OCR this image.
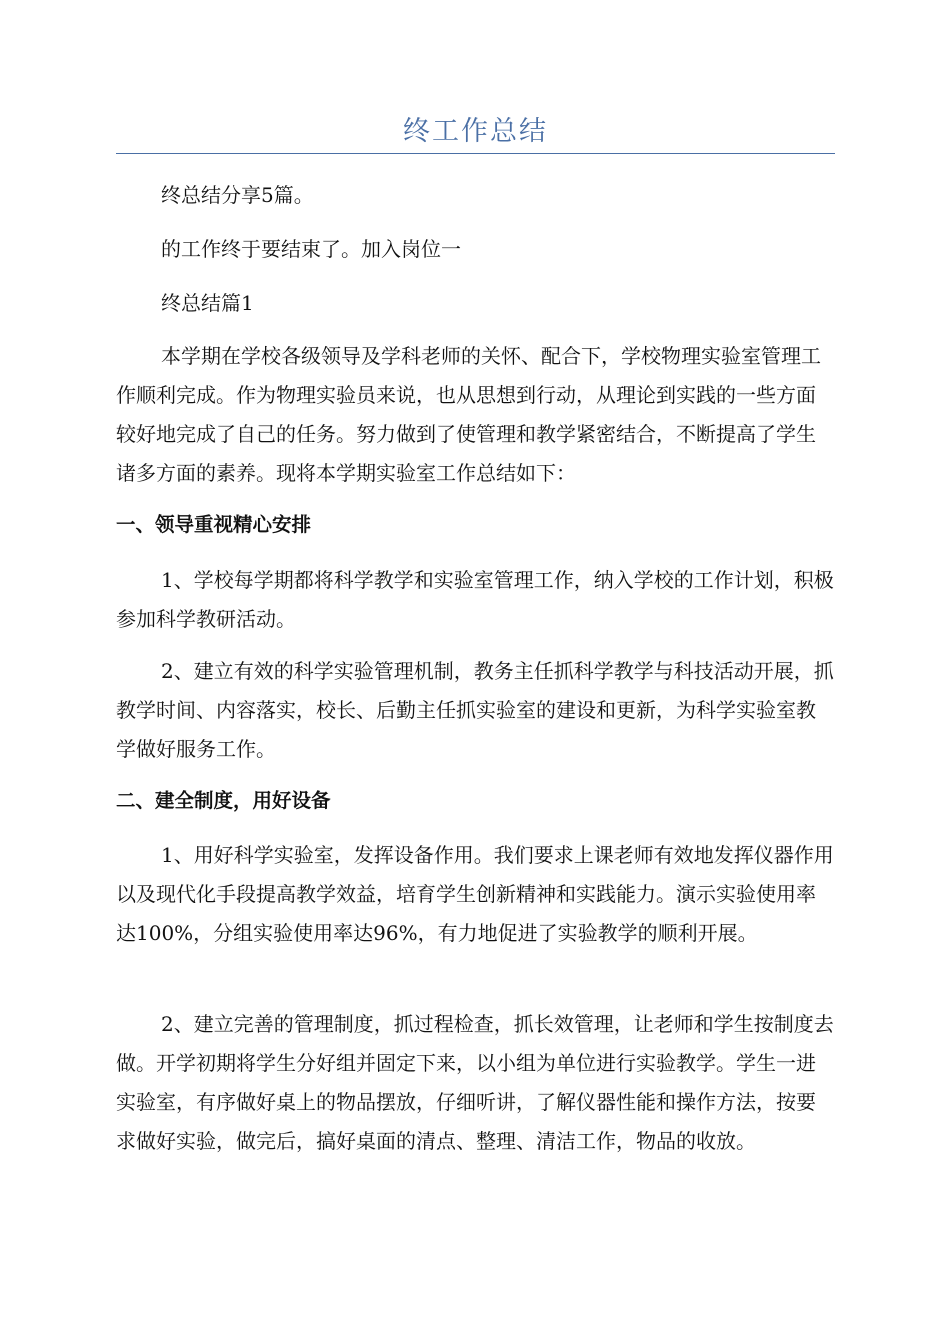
终工作总结

终总结分享5篇。

的工作终于要结束了。加入岗位一

终总结篇1

本学期在学校各级领导及学科老师的关怀、配合下，学校物理实验室管理工作顺利完成。作为物理实验员来说，也从思想到行动，从理论到实践的一些方面较好地完成了自己的任务。努力做到了使管理和教学紧密结合，不断提高了学生诸多方面的素养。现将本学期实验室工作总结如下：

一、领导重视精心安排

1、学校每学期都将科学教学和实验室管理工作，纳入学校的工作计划，积极参加科学教研活动。

2、建立有效的科学实验管理机制，教务主任抓科学教学与科技活动开展，抓教学时间、内容落实，校长、后勤主任抓实验室的建设和更新，为科学实验室教学做好服务工作。

二、建全制度，用好设备

1、用好科学实验室，发挥设备作用。我们要求上课老师有效地发挥仪器作用以及现代化手段提高教学效益，培育学生创新精神和实践能力。演示实验使用率达100%，分组实验使用率达96%，有力地促进了实验教学的顺利开展。

2、建立完善的管理制度，抓过程检查，抓长效管理，让老师和学生按制度去做。开学初期将学生分好组并固定下来，以小组为单位进行实验教学。学生一进实验室，有序做好桌上的物品摆放，仔细听讲，了解仪器性能和操作方法，按要求做好实验，做完后，搞好桌面的清点、整理、清洁工作，物品的收放。
